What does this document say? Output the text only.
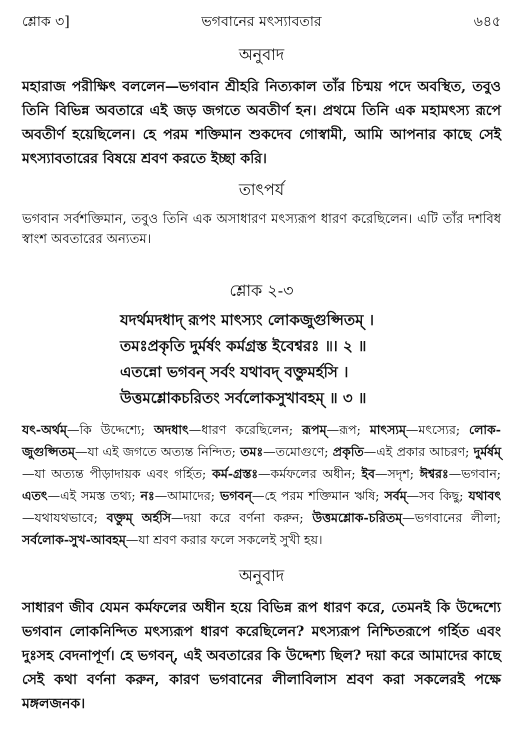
শ্লোক ৩]	ভগবানের মৎস্যাবতার	৬৪৫
অনুবাদ

মহারাজ পরীক্ষিৎ বললেন—ভগবান শ্রীহরি নিত্যকাল তাঁর চিন্ময় পদে অবস্থিত, তবুও তিনি বিভিন্ন অবতারে এই জড় জগতে অবতীর্ণ হন। প্রথমে তিনি এক মহামৎস্য রূপে অবতীর্ণ হয়েছিলেন। হে পরম শক্তিমান শুকদেব গোস্বামী, আমি আপনার কাছে সেই মৎস্যাবতারের বিষয়ে শ্রবণ করতে ইচ্ছা করি।

তাৎপর্য

ভগবান সর্বশক্তিমান, তবুও তিনি এক অসাধারণ মৎস্যরূপ ধারণ করেছিলেন। এটি তাঁর দশবিধ স্বাংশ অবতারের অন্যতম।

শ্লোক ২-৩
যদর্থমদধাদ্ রূপং মাৎস্যং লোকজুগুপ্সিতম্ ।
তমঃপ্রকৃতি দুর্মর্ষং কর্মগ্রস্ত ইবেশ্বরঃ ।৷। ২ ॥
এতন্নো ভগবন্ সর্বং যথাবদ্ বক্তুমর্হসি ।
উত্তমশ্লোকচরিতং সর্বলোকসুখাবহম্ ॥ ৩ ॥

যৎ-অর্থম্—কি উদ্দেশ্যে; অদধাৎ—ধারণ করেছিলেন; রূপম্—রূপ; মাৎস্যম্—মৎস্যের; লোক-জুগুপ্সিতম্—যা এই জগতে অত্যন্ত নিন্দিত; তমঃ—তমোগুণে; প্রকৃতি—এই প্রকার আচরণ; দুর্মর্ষম্—যা অত্যন্ত পীড়াদায়ক এবং গর্হিত; কর্ম-গ্রস্তঃ—কর্মফলের অধীন; ইব—সদৃশ; ঈশ্বরঃ—ভগবান; এতৎ—এই সমস্ত তথ্য; নঃ—আমাদের; ভগবন্—হে পরম শক্তিমান ঋষি; সর্বম্—সব কিছু; যথাবৎ—যথাযথভাবে; বক্তুম্ অর্হসি—দয়া করে বর্ণনা করুন; উত্তমশ্লোক-চরিতম্—ভগবানের লীলা; সর্বলোক-সুখ-আবহম্—যা শ্রবণ করার ফলে সকলেই সুখী হয়।

অনুবাদ

সাধারণ জীব যেমন কর্মফলের অধীন হয়ে বিভিন্ন রূপ ধারণ করে, তেমনই কি উদ্দেশ্যে ভগবান লোকনিন্দিত মৎস্যরূপ ধারণ করেছিলেন? মৎস্যরূপ নিশ্চিতরূপে গর্হিত এবং দুঃসহ বেদনাপূর্ণ। হে ভগবন্, এই অবতারের কি উদ্দেশ্য ছিল? দয়া করে আমাদের কাছে সেই কথা বর্ণনা করুন, কারণ ভগবানের লীলাবিলাস শ্রবণ করা সকলেরই পক্ষে মঙ্গলজনক।
